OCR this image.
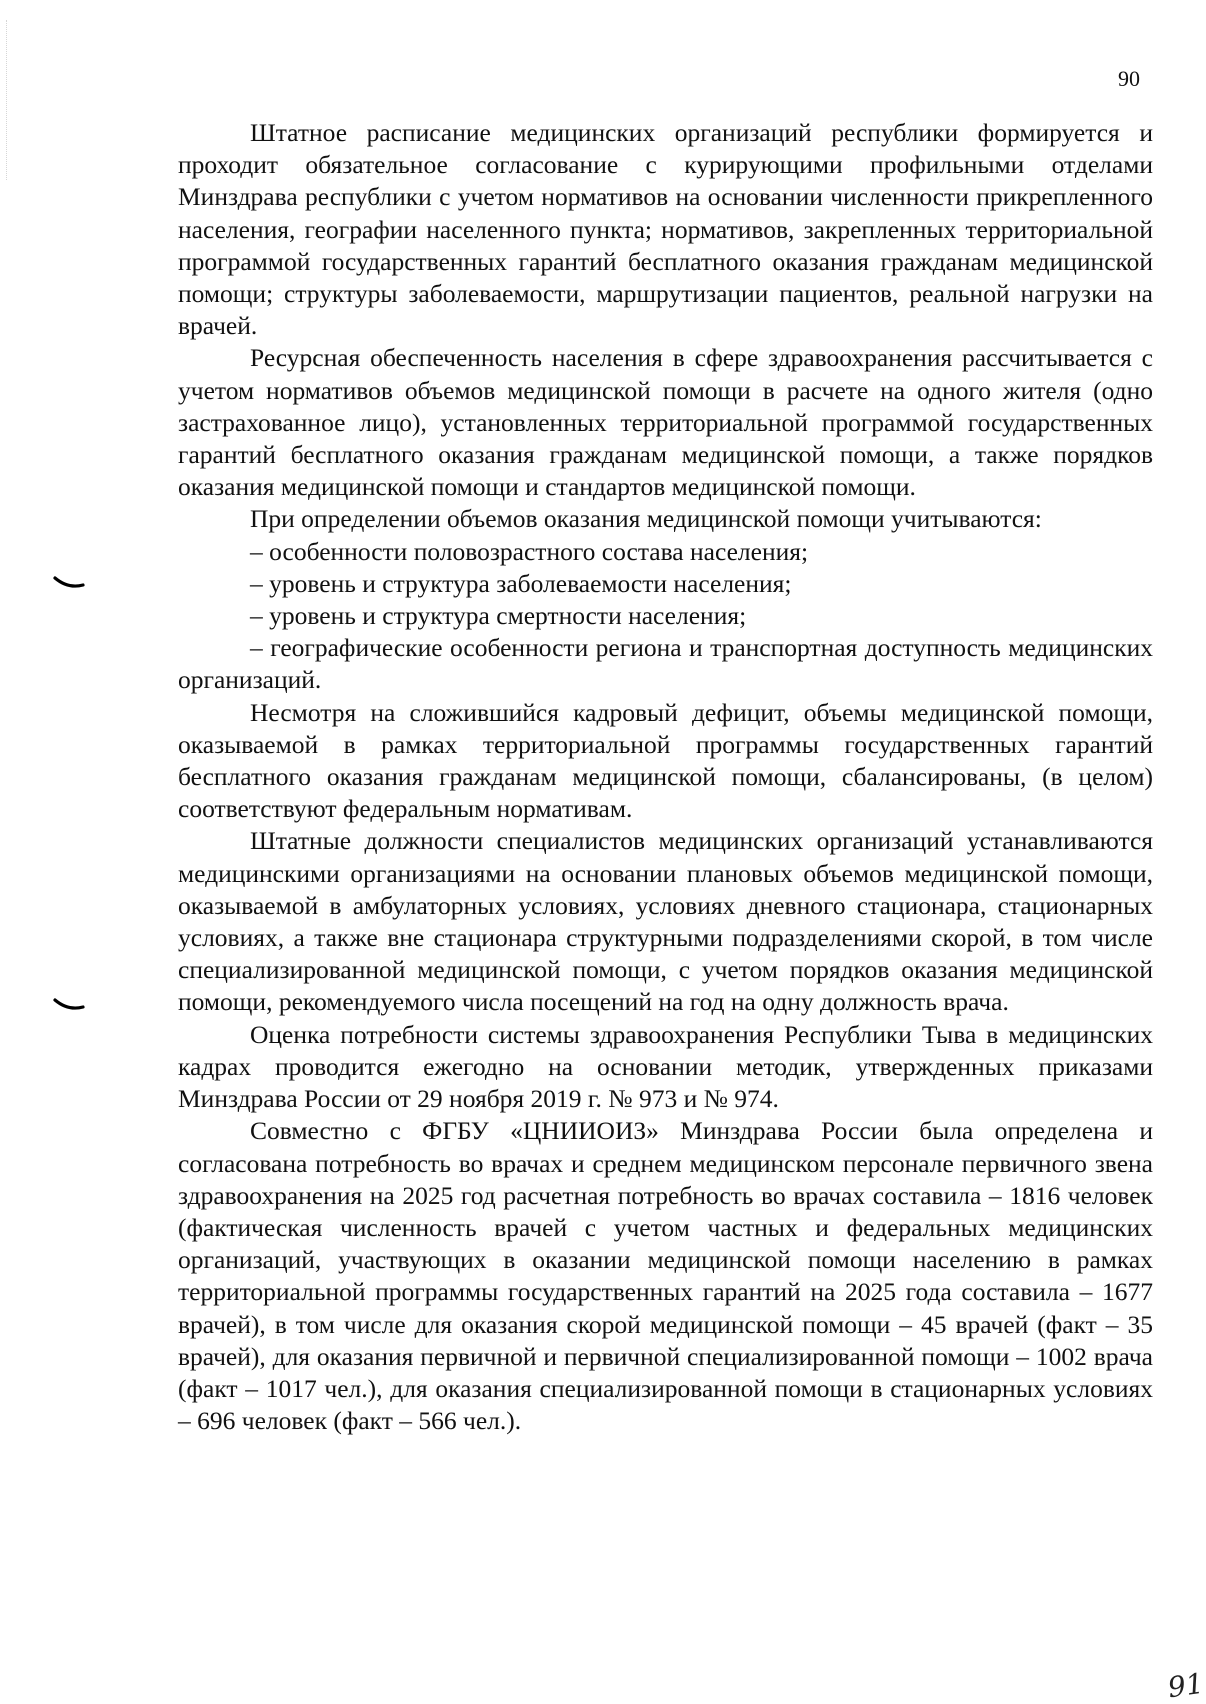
90

Штатное расписание медицинских организаций республики формируется и проходит обязательное согласование с курирующими профильными отделами Минздрава республики с учетом нормативов на основании численности прикрепленного населения, географии населенного пункта; нормативов, закрепленных территориальной программой государственных гарантий бесплатного оказания гражданам медицинской помощи; структуры заболеваемости, маршрутизации пациентов, реальной нагрузки на врачей.

Ресурсная обеспеченность населения в сфере здравоохранения рассчитывается с учетом нормативов объемов медицинской помощи в расчете на одного жителя (одно застрахованное лицо), установленных территориальной программой государственных гарантий бесплатного оказания гражданам медицинской помощи, а также порядков оказания медицинской помощи и стандартов медицинской помощи.

При определении объемов оказания медицинской помощи учитываются:

– особенности половозрастного состава населения;

– уровень и структура заболеваемости населения;

– уровень и структура смертности населения;

– географические особенности региона и транспортная доступность медицинских организаций.

Несмотря на сложившийся кадровый дефицит, объемы медицинской помощи, оказываемой в рамках территориальной программы государственных гарантий бесплатного оказания гражданам медицинской помощи, сбалансированы, (в целом) соответствуют федеральным нормативам.

Штатные должности специалистов медицинских организаций устанавливаются медицинскими организациями на основании плановых объемов медицинской помощи, оказываемой в амбулаторных условиях, условиях дневного стационара, стационарных условиях, а также вне стационара структурными подразделениями скорой, в том числе специализированной медицинской помощи, с учетом порядков оказания медицинской помощи, рекомендуемого числа посещений на год на одну должность врача.

Оценка потребности системы здравоохранения Республики Тыва в медицинских кадрах проводится ежегодно на основании методик, утвержденных приказами Минздрава России от 29 ноября 2019 г. № 973 и № 974.

Совместно с ФГБУ «ЦНИИОИЗ» Минздрава России была определена и согласована потребность во врачах и среднем медицинском персонале первичного звена здравоохранения на 2025 год расчетная потребность во врачах составила – 1816 человек (фактическая численность врачей с учетом частных и федеральных медицинских организаций, участвующих в оказании медицинской помощи населению в рамках территориальной программы государственных гарантий на 2025 года составила – 1677 врачей), в том числе для оказания скорой медицинской помощи – 45 врачей (факт – 35 врачей), для оказания первичной и первичной специализированной помощи – 1002 врача (факт – 1017 чел.), для оказания специализированной помощи в стационарных условиях – 696 человек (факт – 566 чел.).

91
